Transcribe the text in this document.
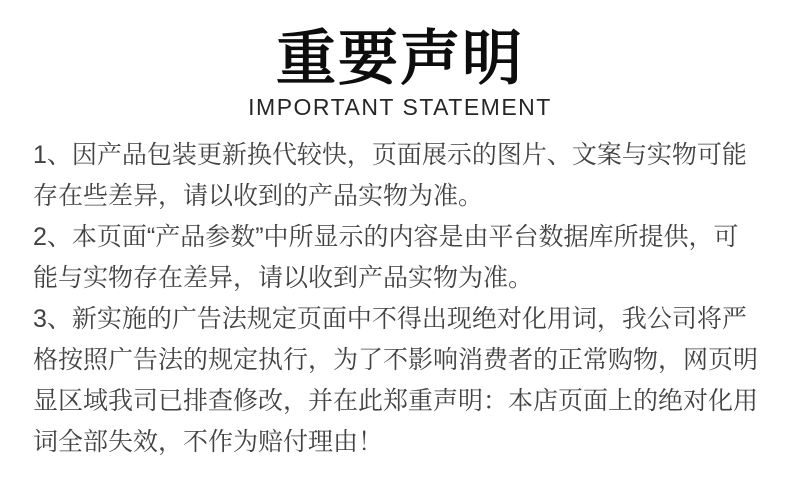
重要声明
IMPORTANT STATEMENT

1、因产品包装更新换代较快，页面展示的图片、文案与实物可能存在些差异，请以收到的产品实物为准。

2、本页面“产品参数”中所显示的内容是由平台数据库所提供，可能与实物存在差异，请以收到产品实物为准。

3、新实施的广告法规定页面中不得出现绝对化用词，我公司将严格按照广告法的规定执行，为了不影响消费者的正常购物，网页明显区域我司已排查修改，并在此郑重声明：本店页面上的绝对化用词全部失效，不作为赔付理由！
